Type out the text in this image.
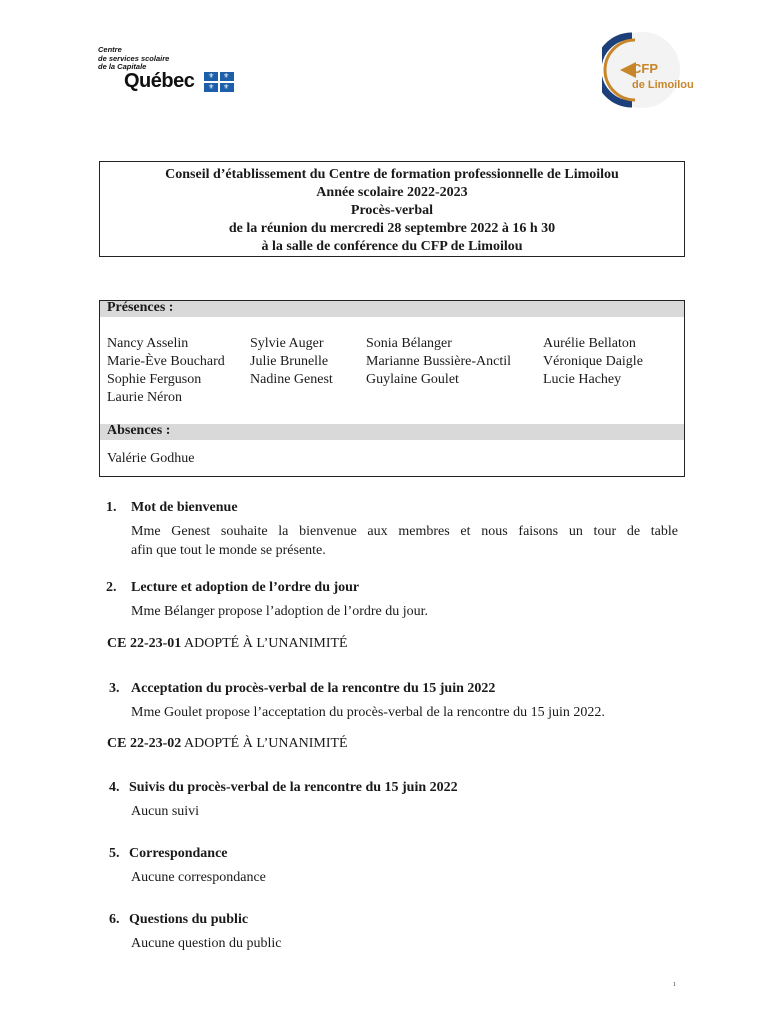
Centre
de services scolaire
de la Capitale
Québec ⚜ ⚜
⚜ ⚜
CFP
de Limoilou
Conseil d’établissement du Centre de formation professionnelle de Limoilou
Année scolaire 2022-2023
Procès-verbal
de la réunion du mercredi 28 septembre 2022 à 16 h 30
à la salle de conférence du CFP de Limoilou
Présences :
Nancy Asselin
Marie-Ève Bouchard
Sophie Ferguson
Laurie Néron
Sylvie Auger
Julie Brunelle
Nadine Genest
Sonia Bélanger
Marianne Bussière-Anctil
Guylaine Goulet
Aurélie Bellaton
Véronique Daigle
Lucie Hachey
Absences :
Valérie Godhue
1. Mot de bienvenue
Mme Genest souhaite la bienvenue aux membres et nous faisons un tour de table
afin que tout le monde se présente.
2. Lecture et adoption de l’ordre du jour
Mme Bélanger propose l’adoption de l’ordre du jour.
CE 22-23-01 ADOPTÉ À L’UNANIMITÉ
3. Acceptation du procès-verbal de la rencontre du 15 juin 2022
Mme Goulet propose l’acceptation du procès-verbal de la rencontre du 15 juin 2022.
CE 22-23-02 ADOPTÉ À L’UNANIMITÉ
4. Suivis du procès-verbal de la rencontre du 15 juin 2022
Aucun suivi
5. Correspondance
Aucune correspondance
6. Questions du public
Aucune question du public
1
